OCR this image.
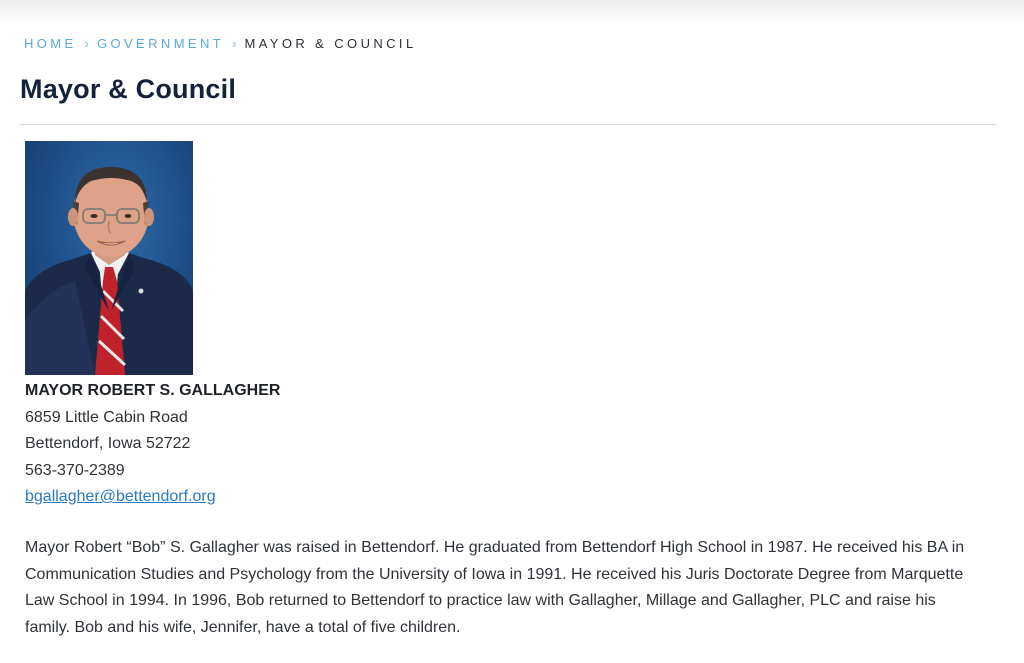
HOME › GOVERNMENT › MAYOR & COUNCIL
Mayor & Council
MAYOR ROBERT S. GALLAGHER
6859 Little Cabin Road
Bettendorf, Iowa 52722
563-370-2389
bgallagher@bettendorf.org

Mayor Robert “Bob” S. Gallagher was raised in Bettendorf. He graduated from Bettendorf High School in 1987. He received his BA in Communication Studies and Psychology from the University of Iowa in 1991. He received his Juris Doctorate Degree from Marquette Law School in 1994. In 1996, Bob returned to Bettendorf to practice law with Gallagher, Millage and Gallagher, PLC and raise his family. Bob and his wife, Jennifer, have a total of five children.
